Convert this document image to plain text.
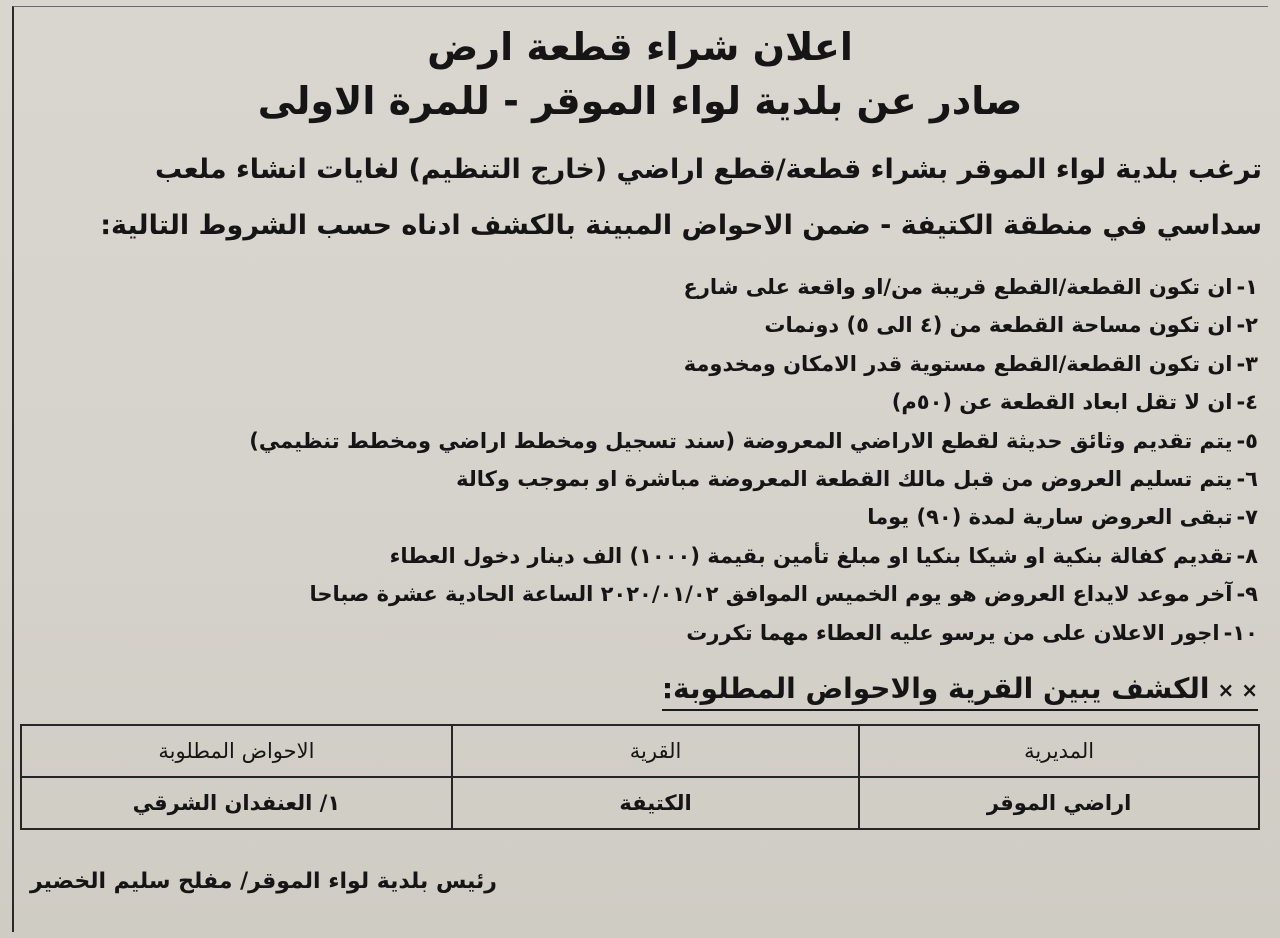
اعلان شراء قطعة ارض
صادر عن بلدية لواء الموقر - للمرة الاولى
ترغب بلدية لواء الموقر بشراء قطعة/قطع اراضي (خارج التنظيم) لغايات انشاء ملعب
سداسي في منطقة الكتيفة - ضمن الاحواض المبينة بالكشف ادناه حسب الشروط التالية:
١-ان تكون القطعة/القطع قريبة من/او واقعة على شارع
٢-ان تكون مساحة القطعة من (٤ الى ٥) دونمات
٣-ان تكون القطعة/القطع مستوية قدر الامكان ومخدومة
٤-ان لا تقل ابعاد القطعة عن (٥٠م)
٥-يتم تقديم وثائق حديثة لقطع الاراضي المعروضة (سند تسجيل ومخطط اراضي ومخطط تنظيمي)
٦-يتم تسليم العروض من قبل مالك القطعة المعروضة مباشرة او بموجب وكالة
٧-تبقى العروض سارية لمدة (٩٠) يوما
٨-تقديم كفالة بنكية او شيكا بنكيا او مبلغ تأمين بقيمة (١٠٠٠) الف دينار دخول العطاء
٩-آخر موعد لايداع العروض هو يوم الخميس الموافق ٢٠٢٠/٠١/٠٢ الساعة الحادية عشرة صباحا
١٠-اجور الاعلان على من يرسو عليه العطاء مهما تكررت
× ×الكشف يبين القرية والاحواض المطلوبة:
المديرية	القرية	الاحواض المطلوبة
اراضي الموقر	الكتيفة	١/ العنفدان الشرقي
رئيس بلدية لواء الموقر/ مفلح سليم الخضير
